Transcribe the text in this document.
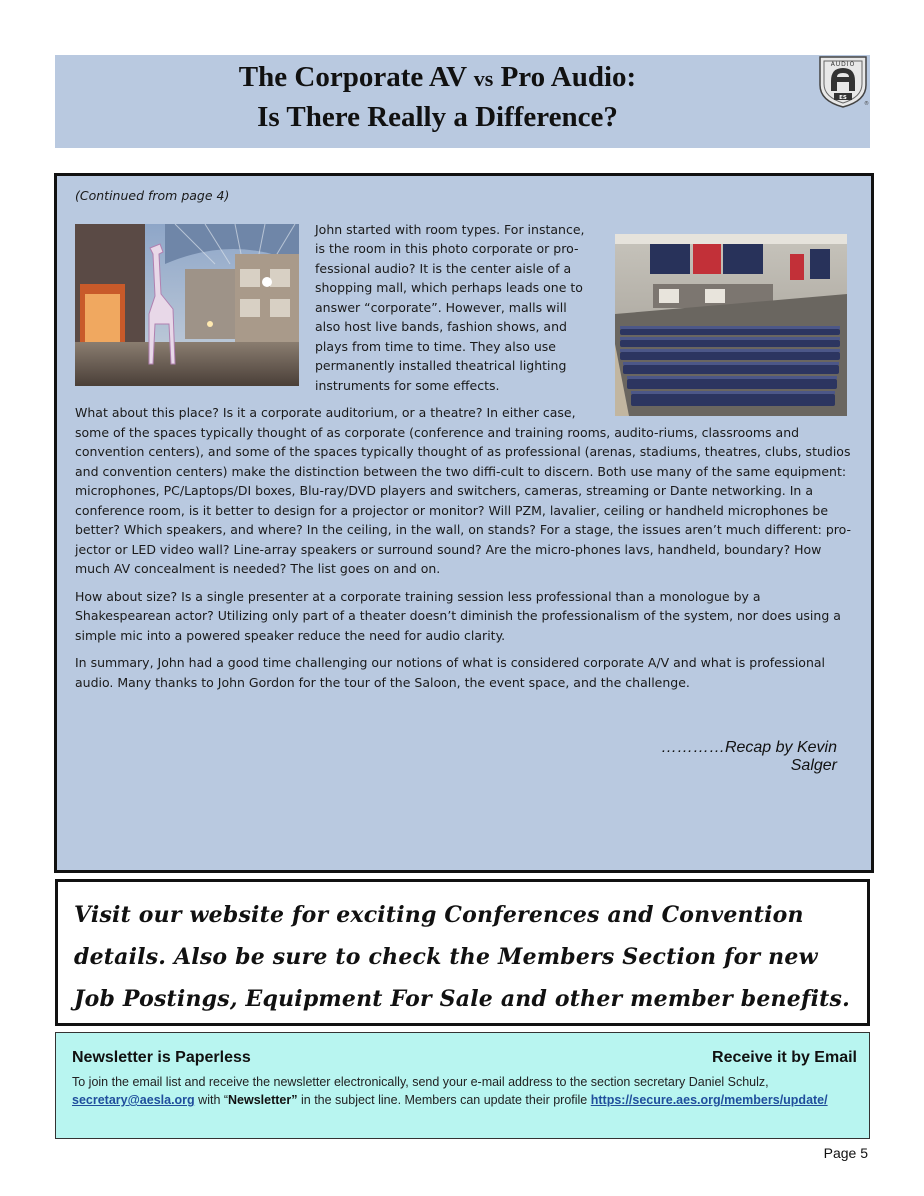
The Corporate AV vs Pro Audio:
Is There Really a Difference?
AUDIO
ES
®

(Continued from page 4)

John started with room types. For instance, is the room in this photo corporate or pro-fessional audio? It is the center aisle of a shopping mall, which perhaps leads one to answer “corporate”. However, malls will also host live bands, fashion shows, and plays from time to time. They also use permanently installed theatrical lighting instruments for some effects.

What about this place? Is it a corporate auditorium, or a theatre? In either case, some of the spaces typically thought of as corporate (conference and training rooms, audito-riums, classrooms and convention centers), and some of the spaces typically thought of as professional (arenas, stadiums, theatres, clubs, studios and convention centers) make the distinction between the two diffi-cult to discern. Both use many of the same equipment: microphones, PC/Laptops/DI boxes, Blu-ray/DVD players and switchers, cameras, streaming or Dante networking. In a conference room, is it better to design for a projector or monitor? Will PZM, lavalier, ceiling or handheld microphones be better? Which speakers, and where? In the ceiling, in the wall, on stands? For a stage, the issues aren’t much different: pro-jector or LED video wall? Line-array speakers or surround sound? Are the micro-phones lavs, handheld, boundary? How much AV concealment is needed? The list goes on and on.

How about size? Is a single presenter at a corporate training session less professional than a monologue by a Shakespearean actor? Utilizing only part of a theater doesn’t diminish the professionalism of the system, nor does using a simple mic into a powered speaker reduce the need for audio clarity.

In summary, John had a good time challenging our notions of what is considered corporate A/V and what is professional audio. Many thanks to John Gordon for the tour of the Saloon, the event space, and the challenge.

…………Recap by Kevin Salger
Visit our website for exciting Conferences and Convention details. Also be sure to check the Members Section for new Job Postings, Equipment For Sale and other member benefits.
Newsletter is Paperless	Receive it by Email
To join the email list and receive the newsletter electronically, send your e-mail address to the section secretary Daniel Schulz, secretary@aesla.org with “Newsletter” in the subject line. Members can update their profile https://secure.aes.org/members/update/
Page 5
